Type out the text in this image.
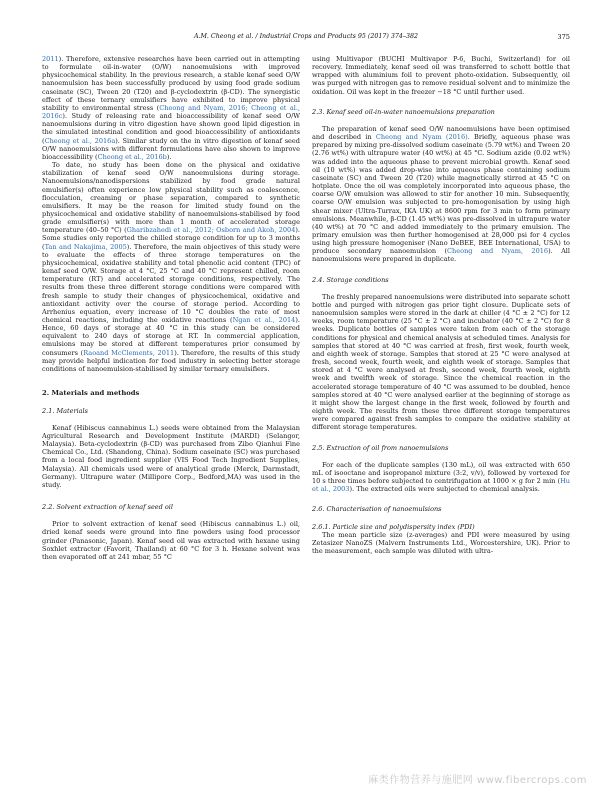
A.M. Cheong et al. / Industrial Crops and Products 95 (2017) 374–382	375

2011). Therefore, extensive researches have been carried out in attempting to formulate oil-in-water (O/W) nanoemulsions with improved physicochemical stability. In the previous research, a stable kenaf seed O/W nanoemulsion has been successfully produced by using food grade sodium caseinate (SC), Tween 20 (T20) and β-cyclodextrin (β-CD). The synergistic effect of these ternary emulsifiers have exhibited to improve physical stability to environmental stress (Cheong and Nyam, 2016; Cheong et al., 2016c). Study of releasing rate and bioaccessibility of kenaf seed O/W nanoemulsions during in vitro digestion have shown good lipid digestion in the simulated intestinal condition and good bioaccessibility of antioxidants (Cheong et al., 2016a). Similar study on the in vitro digestion of kenaf seed O/W nanoemulsions with different formulations have also shown to improve bioaccessibility (Cheong et al., 2016b).

To date, no study has been done on the physical and oxidative stabilization of kenaf seed O/W nanoemulsions during storage. Nanoemulsions/nanodispersions stabilized by food grade natural emulsifier(s) often experience low physical stability such as coalescence, flocculation, creaming or phase separation, compared to synthetic emulsifiers. It may be the reason for limited study found on the physicochemical and oxidative stability of nanoemulsions-stabilised by food grade emulsifier(s) with more than 1 month of accelerated storage temperature (40–50 °C) (Gharibzahedi et al., 2012; Osborn and Akoh, 2004). Some studies only reported the chilled storage condition for up to 3 months (Tan and Nakajima, 2005). Therefore, the main objectives of this study were to evaluate the effects of three storage temperatures on the physicochemical, oxidative stability and total phenolic acid content (TPC) of kenaf seed O/W. Storage at 4 °C, 25 °C and 40 °C represent chilled, room temperature (RT) and accelerated storage conditions, respectively. The results from these three different storage conditions were compared with fresh sample to study their changes of physicochemical, oxidative and antioxidant activity over the course of storage period. According to Arrhenius equation, every increase of 10 °C doubles the rate of most chemical reactions, including the oxidative reactions (Ngan et al., 2014). Hence, 60 days of storage at 40 °C in this study can be considered equivalent to 240 days of storage at RT. In commercial application, emulsions may be stored at different temperatures prior consumed by consumers (Raoand McClements, 2011). Therefore, the results of this study may provide helpful indication for food industry in selecting better storage conditions of nanoemulsion-stabilised by similar ternary emulsifiers.

2. Materials and methods
2.1. Materials

Kenaf (Hibiscus cannabinus L.) seeds were obtained from the Malaysian Agricultural Research and Development Institute (MARDI) (Selangor, Malaysia). Beta-cyclodextrin (β-CD) was purchased from Zibo Qianhui Fine Chemical Co., Ltd. (Shandong, China). Sodium caseinate (SC) was purchased from a local food ingredient supplier (VIS Food Tech Ingredient Supplies, Malaysia). All chemicals used were of analytical grade (Merck, Darmstadt, Germany). Ultrapure water (Millipore Corp., Bedford,MA) was used in the study.

2.2. Solvent extraction of kenaf seed oil

Prior to solvent extraction of kenaf seed (Hibiscus cannabinus L.) oil, dried kenaf seeds were ground into fine powders using food processor grinder (Panasonic, Japan). Kenaf seed oil was extracted with hexane using Soxhlet extractor (Favorit, Thailand) at 60 °C for 3 h. Hexane solvent was then evaporated off at 241 mbar, 55 °C

using Multivapor (BUCHI Multivapor P-6, Buchi, Switzerland) for oil recovery. Immediately, kenaf seed oil was transferred to schott bottle that wrapped with aluminium foil to prevent photo-oxidation. Subsequently, oil was purged with nitrogen gas to remove residual solvent and to minimize the oxidation. Oil was kept in the freezer −18 °C until further used.

2.3. Kenaf seed oil-in-water nanoemulsions preparation

The preparation of kenaf seed O/W nanoemulsions have been optimised and described in Cheong and Nyam (2016). Briefly, aqueous phase was prepared by mixing pre-dissolved sodium caseinate (5.79 wt%) and Tween 20 (2.76 wt%) with ultrapure water (40 wt%) at 45 °C. Sodium azide (0.02 wt%) was added into the aqueous phase to prevent microbial growth. Kenaf seed oil (10 wt%) was added drop-wise into aqueous phase containing sodium caseinate (SC) and Tween 20 (T20) while magnetically stirred at 45 °C on hotplate. Once the oil was completely incorporated into aqueous phase, the coarse O/W emulsion was allowed to stir for another 10 min. Subsequently, coarse O/W emulsion was subjected to pre-homogenisation by using high shear mixer (Ultra-Turrax, IKA UK) at 8600 rpm for 3 min to form primary emulsions. Meanwhile, β-CD (1.45 wt%) was pre-dissolved in ultrapure water (40 wt%) at 70 °C and added immediately to the primary emulsion. The primary emulsion was then further homogenised at 28,000 psi for 4 cycles using high pressure homogeniser (Nano DeBEE, BEE International, USA) to produce secondary nanoemulsion (Cheong and Nyam, 2016). All nanoemulsions were prepared in duplicate.

2.4. Storage conditions

The freshly prepared nanoemulsions were distributed into separate schott bottle and purged with nitrogen gas prior tight closure. Duplicate sets of nanoemulsion samples were stored in the dark at chiller (4 °C ± 2 °C) for 12 weeks, room temperature (25 °C ± 2 °C) and incubator (40 °C ± 2 °C) for 8 weeks. Duplicate bottles of samples were taken from each of the storage conditions for physical and chemical analysis at scheduled times. Analysis for samples that stored at 40 °C was carried at fresh, first week, fourth week, and eighth week of storage. Samples that stored at 25 °C were analysed at fresh, second week, fourth week, and eighth week of storage. Samples that stored at 4 °C were analysed at fresh, second week, fourth week, eighth week and twelfth week of storage. Since the chemical reaction in the accelerated storage temperature of 40 °C was assumed to be doubled, hence samples stored at 40 °C were analysed earlier at the beginning of storage as it might show the largest change in the first week, followed by fourth and eighth week. The results from these three different storage temperatures were compared against fresh samples to compare the oxidative stability at different storage temperatures.

2.5. Extraction of oil from nanoemulsions

For each of the duplicate samples (130 mL), oil was extracted with 650 mL of isooctane and isopropanol mixture (3:2, v/v), followed by vortexed for 10 s three times before subjected to centrifugation at 1000 × g for 2 min (Hu et al., 2003). The extracted oils were subjected to chemical analysis.

2.6. Characterisation of nanoemulsions
2.6.1. Particle size and polydispersity index (PDI)

The mean particle size (z-averages) and PDI were measured by using Zetasizer NanoZS (Malvern Instruments Ltd., Worcestershire, UK). Prior to the measurement, each sample was diluted with ultra-

麻类作物营养与施肥网 www.fibercrops.com
